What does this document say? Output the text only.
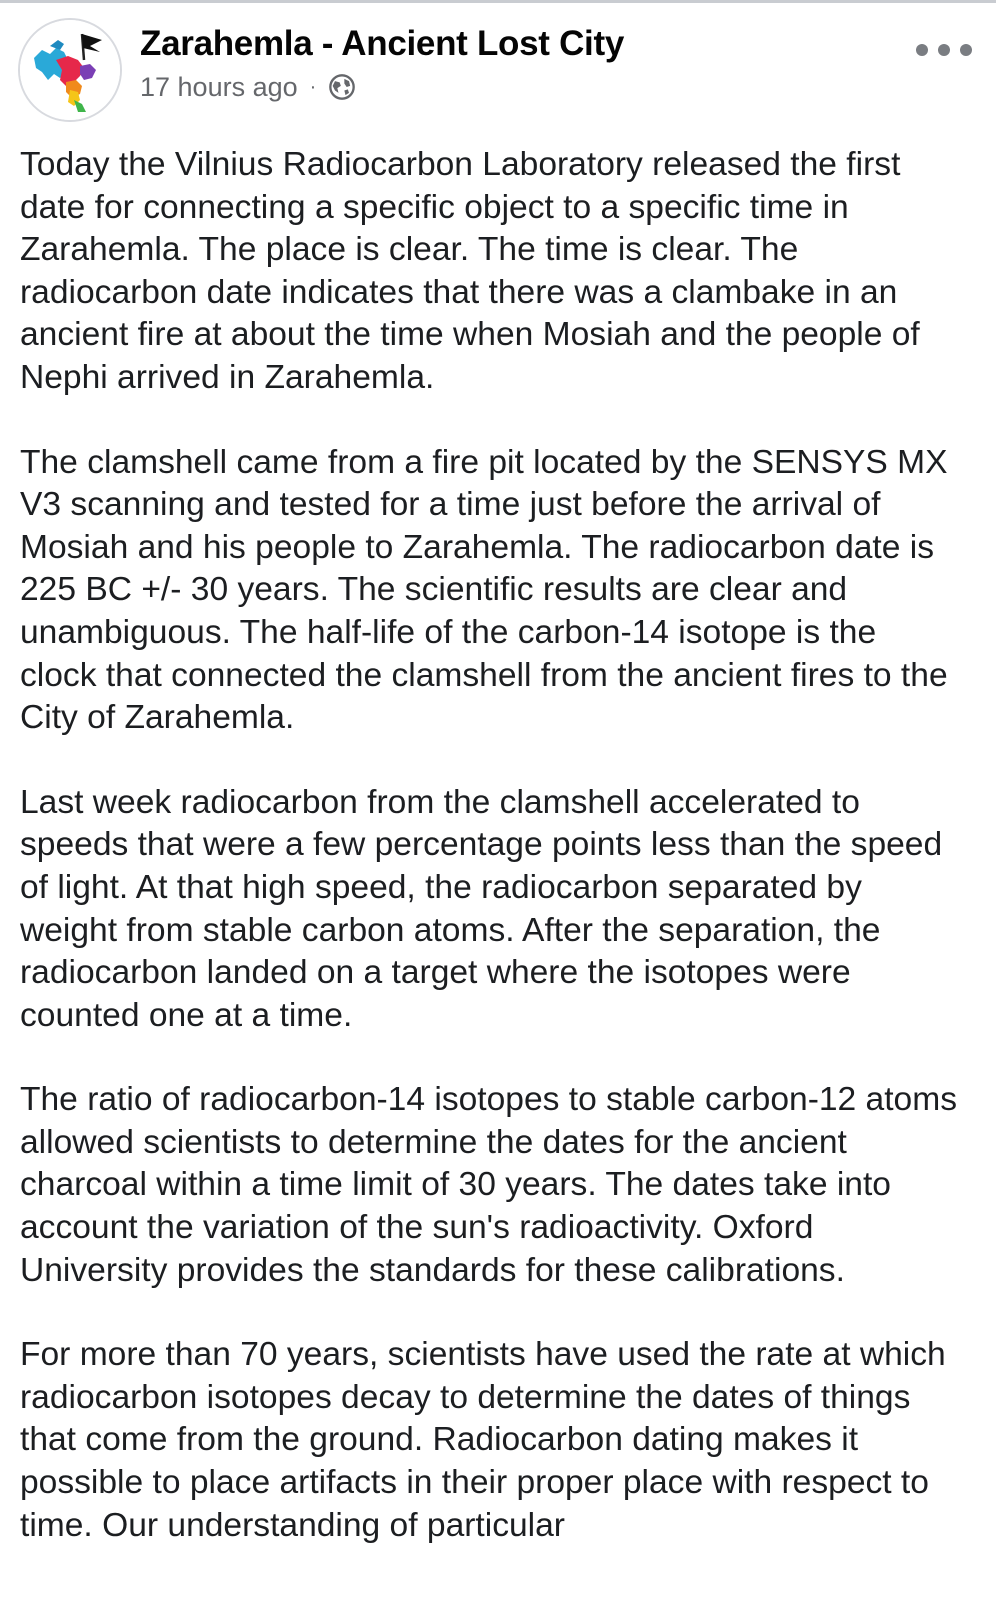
Zarahemla - Ancient Lost City
17 hours ago ·

Today the Vilnius Radiocarbon Laboratory released the first date for connecting a specific object to a specific time in Zarahemla. The place is clear. The time is clear. The radiocarbon date indicates that there was a clambake in an ancient fire at about the time when Mosiah and the people of Nephi arrived in Zarahemla.

The clamshell came from a fire pit located by the SENSYS MX V3 scanning and tested for a time just before the arrival of Mosiah and his people to Zarahemla. The radiocarbon date is 225 BC +/- 30 years. The scientific results are clear and unambiguous. The half-life of the carbon-14 isotope is the clock that connected the clamshell from the ancient fires to the City of Zarahemla.

Last week radiocarbon from the clamshell accelerated to speeds that were a few percentage points less than the speed of light. At that high speed, the radiocarbon separated by weight from stable carbon atoms. After the separation, the radiocarbon landed on a target where the isotopes were counted one at a time.

The ratio of radiocarbon-14 isotopes to stable carbon-12 atoms allowed scientists to determine the dates for the ancient charcoal within a time limit of 30 years. The dates take into account the variation of the sun's radioactivity. Oxford University provides the standards for these calibrations.

For more than 70 years, scientists have used the rate at which radiocarbon isotopes decay to determine the dates of things that come from the ground. Radiocarbon dating makes it possible to place artifacts in their proper place with respect to time. Our understanding of particular
